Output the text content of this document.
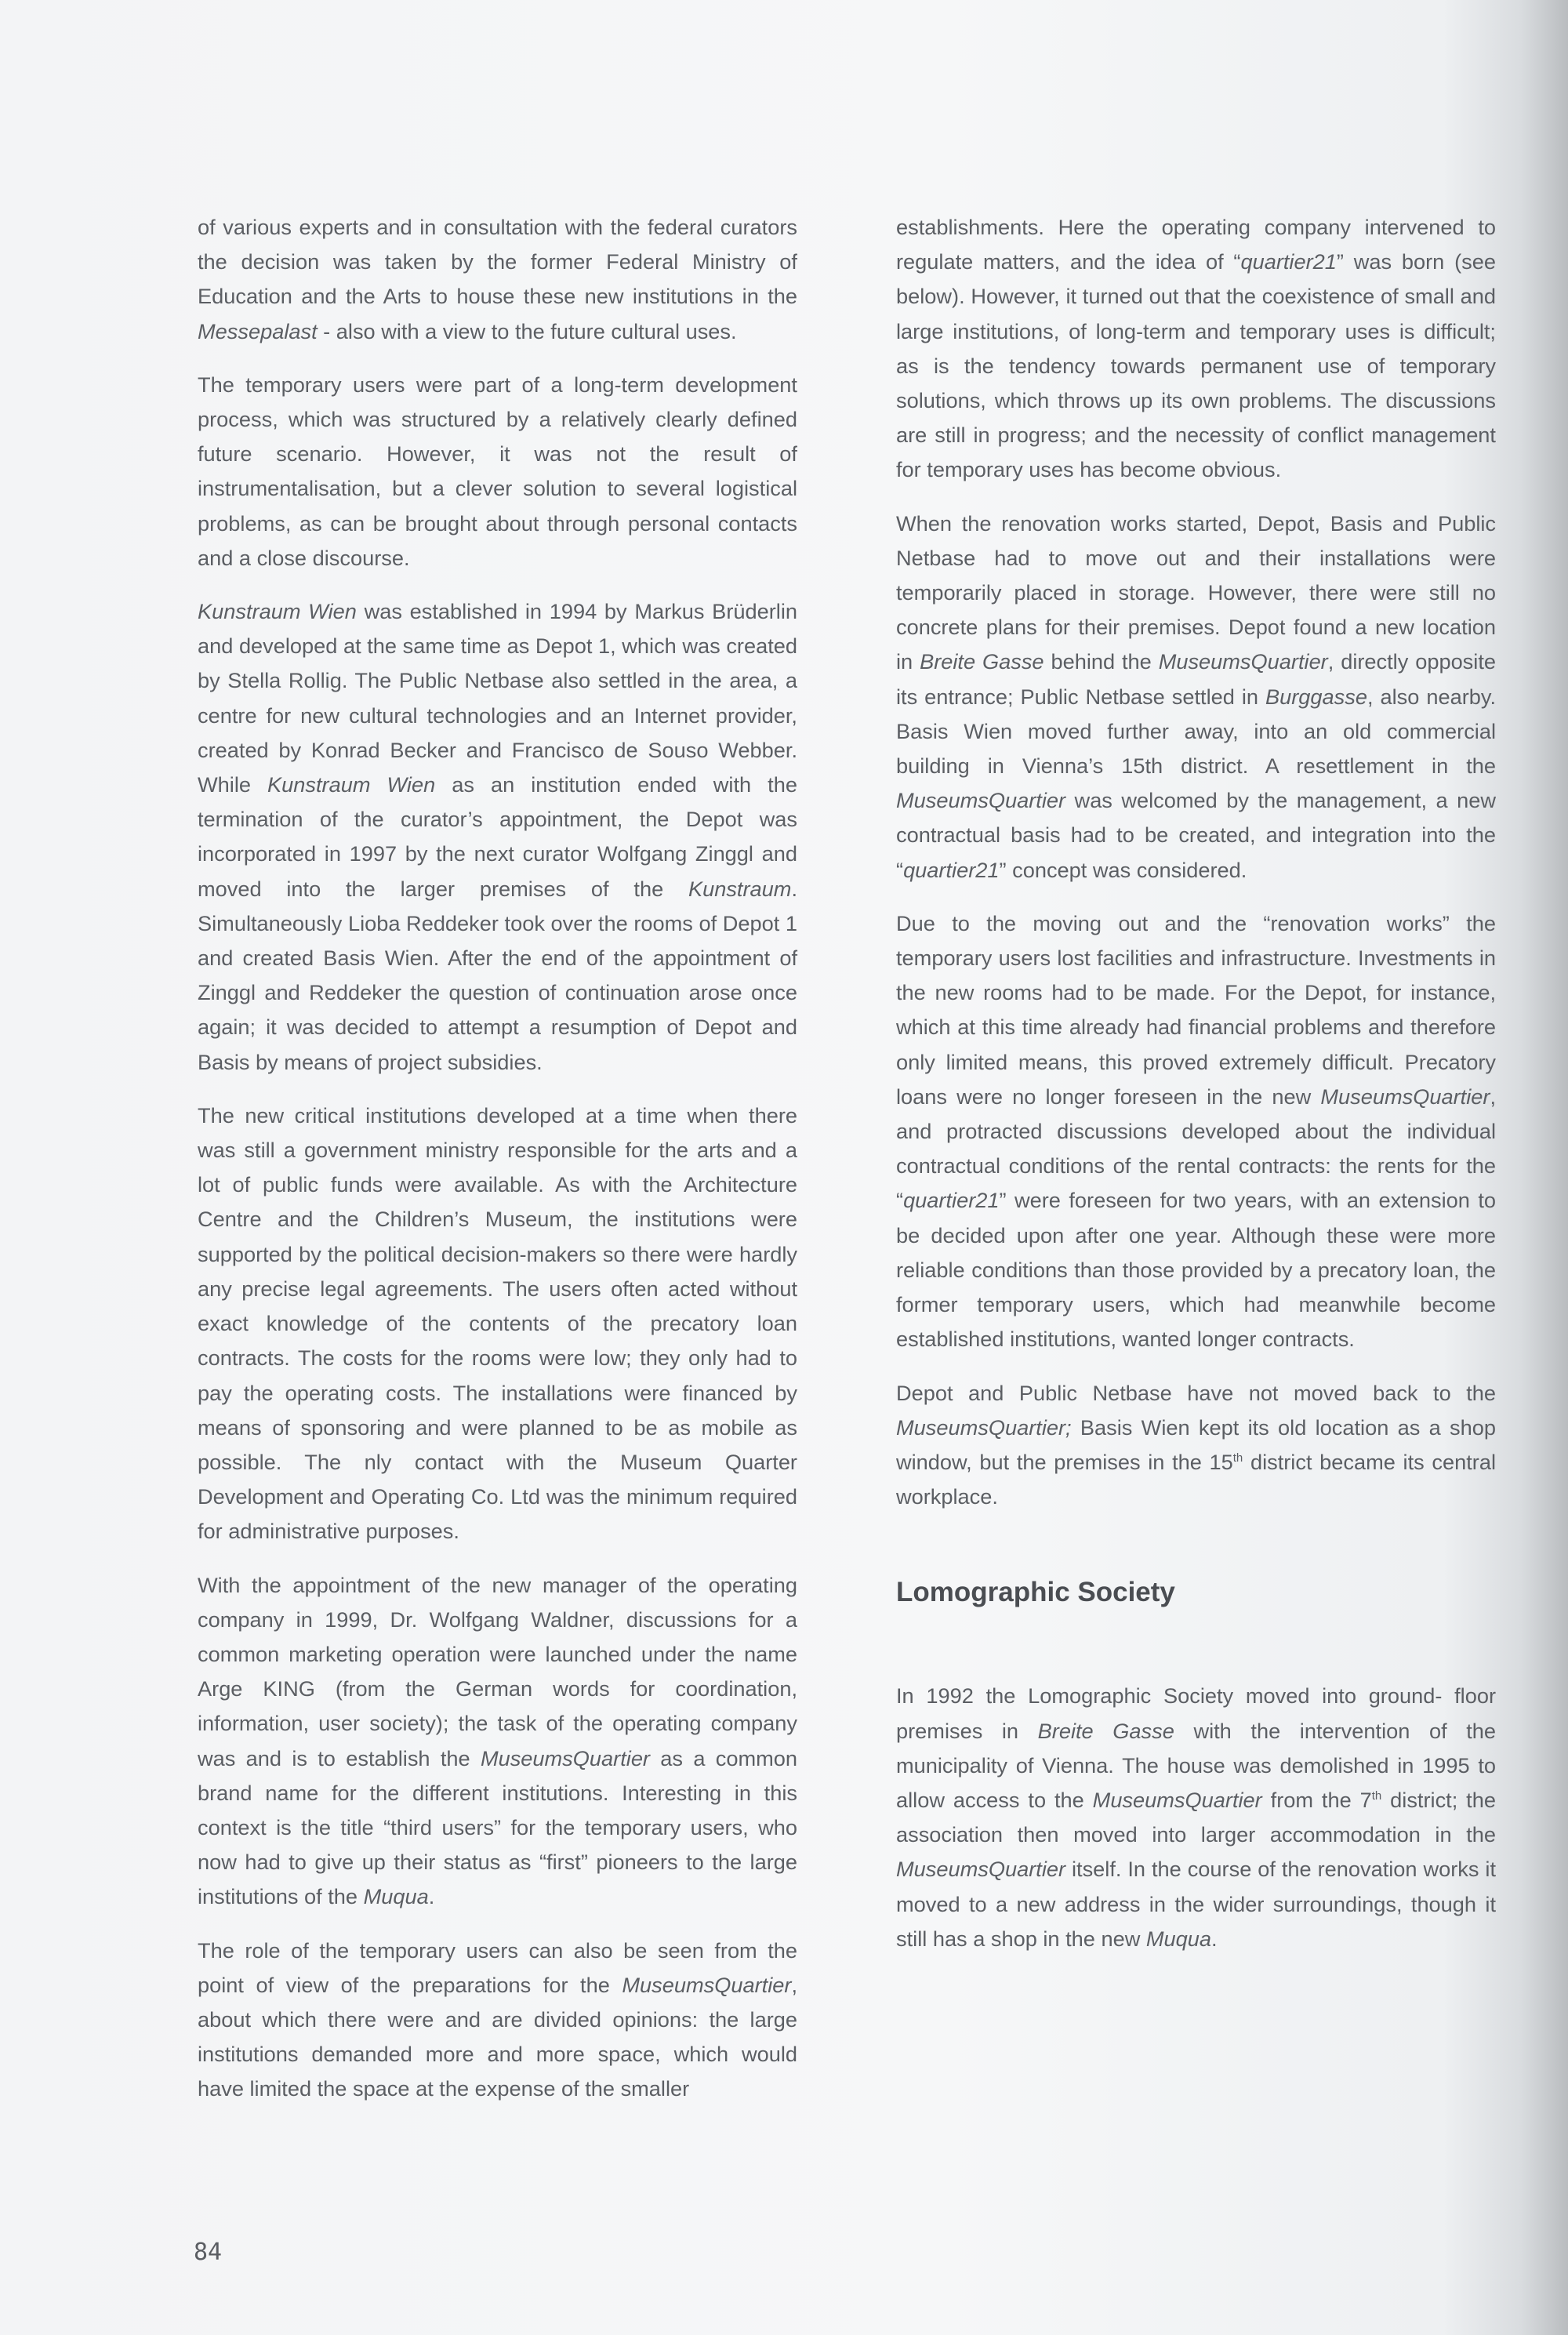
of various experts and in consultation with the federal curators the decision was taken by the former Federal Ministry of Education and the Arts to house these new institutions in the Messepalast - also with a view to the future cultural uses.

The temporary users were part of a long-term development process, which was structured by a relatively clearly defined future scenario. However, it was not the result of instrumentalisation, but a clever solution to several logistical problems, as can be brought about through personal contacts and a close discourse.

Kunstraum Wien was established in 1994 by Markus Brüderlin and developed at the same time as Depot 1, which was created by Stella Rollig. The Public Netbase also settled in the area, a centre for new cultural technologies and an Internet provider, created by Konrad Becker and Francisco de Souso Webber. While Kunstraum Wien as an institution ended with the termination of the curator’s appointment, the Depot was incorporated in 1997 by the next curator Wolfgang Zinggl and moved into the larger premises of the Kunstraum. Simultaneously Lioba Reddeker took over the rooms of Depot 1 and created Basis Wien. After the end of the appointment of Zinggl and Reddeker the question of continuation arose once again; it was decided to attempt a resumption of Depot and Basis by means of project subsidies.

The new critical institutions developed at a time when there was still a government ministry responsible for the arts and a lot of public funds were available. As with the Architecture Centre and the Children’s Museum, the institutions were supported by the political decision-makers so there were hardly any precise legal agreements. The users often acted without exact knowledge of the contents of the precatory loan contracts. The costs for the rooms were low; they only had to pay the operating costs. The installations were financed by means of sponsoring and were planned to be as mobile as possible. The nly contact with the Museum Quarter Development and Operating Co. Ltd was the minimum required for administrative purposes.

With the appointment of the new manager of the operating company in 1999, Dr. Wolfgang Waldner, discussions for a common marketing operation were launched under the name Arge KING (from the German words for coordination, information, user society); the task of the operating company was and is to establish the MuseumsQuartier as a common brand name for the different institutions. Interesting in this context is the title “third users” for the temporary users, who now had to give up their status as “first” pioneers to the large institutions of the Muqua.

The role of the temporary users can also be seen from the point of view of the preparations for the MuseumsQuartier, about which there were and are divided opinions: the large institutions demanded more and more space, which would have limited the space at the expense of the smaller

establishments. Here the operating company intervened to regulate matters, and the idea of “quartier21” was born (see below). However, it turned out that the coexistence of small and large institutions, of long-term and temporary uses is difficult; as is the tendency towards permanent use of temporary solutions, which throws up its own problems. The discussions are still in progress; and the necessity of conflict management for temporary uses has become obvious.

When the renovation works started, Depot, Basis and Public Netbase had to move out and their installations were temporarily placed in storage. However, there were still no concrete plans for their premises. Depot found a new location in Breite Gasse behind the MuseumsQuartier, directly opposite its entrance; Public Netbase settled in Burggasse, also nearby. Basis Wien moved further away, into an old commercial building in Vienna’s 15th district. A resettlement in the MuseumsQuartier was welcomed by the management, a new contractual basis had to be created, and integration into the “quartier21” concept was considered.

Due to the moving out and the “renovation works” the temporary users lost facilities and infrastructure. Investments in the new rooms had to be made. For the Depot, for instance, which at this time already had financial problems and therefore only limited means, this proved extremely difficult. Precatory loans were no longer foreseen in the new MuseumsQuartier, and protracted discussions developed about the individual contractual conditions of the rental contracts: the rents for the “quartier21” were foreseen for two years, with an extension to be decided upon after one year. Although these were more reliable conditions than those provided by a precatory loan, the former temporary users, which had meanwhile become established institutions, wanted longer contracts.

Depot and Public Netbase have not moved back to the MuseumsQuartier; Basis Wien kept its old location as a shop window, but the premises in the 15th district became its central workplace.

Lomographic Society

In 1992 the Lomographic Society moved into ground- floor premises in Breite Gasse with the intervention of the municipality of Vienna. The house was demolished in 1995 to allow access to the MuseumsQuartier from the 7th district; the association then moved into larger accommodation in the MuseumsQuartier itself. In the course of the renovation works it moved to a new address in the wider surroundings, though it still has a shop in the new Muqua.

84
